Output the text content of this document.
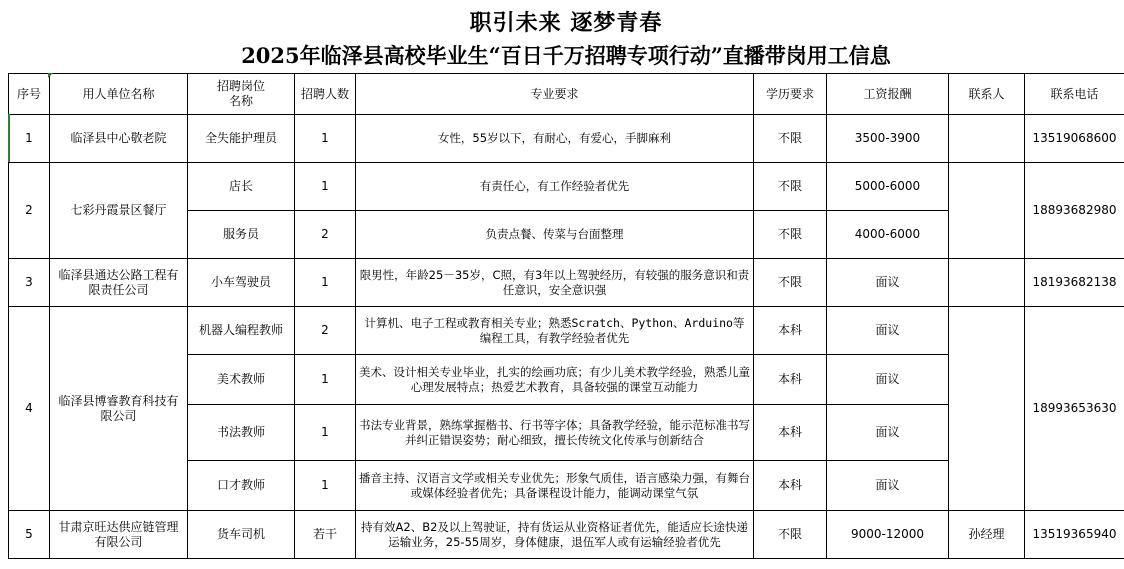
职引未来 逐梦青春
2025年临泽县高校毕业生“百日千万招聘专项行动”直播带岗用工信息
序号	用人单位名称	招聘岗位
名称	招聘人数	专业要求	学历要求	工资报酬	联系人	联系电话
1	临泽县中心敬老院	全失能护理员	1	女性，55岁以下，有耐心，有爱心，手脚麻利	不限	3500-3900		13519068600
2	七彩丹霞景区餐厅	店长	1	有责任心，有工作经验者优先	不限	5000-6000		18893682980
		服务员	2	负责点餐、传菜与台面整理	不限	4000-6000		
3	临泽县通达公路工程有限责任公司	小车驾驶员	1	限男性，年龄25－35岁，C照，有3年以上驾驶经历，有较强的服务意识和责任意识，安全意识强	不限	面议		18193682138
4	临泽县博睿教育科技有限公司	机器人编程教师	2	计算机、电子工程或教育相关专业；熟悉Scratch、Python、Arduino等编程工具，有教学经验者优先	本科	面议		18993653630
		美术教师	1	美术、设计相关专业毕业，扎实的绘画功底；有少儿美术教学经验，熟悉儿童心理发展特点；热爱艺术教育，具备较强的课堂互动能力	本科	面议		
		书法教师	1	书法专业背景，熟练掌握楷书、行书等字体；具备教学经验，能示范标准书写并纠正错误姿势；耐心细致，擅长传统文化传承与创新结合	本科	面议		
		口才教师	1	播音主持、汉语言文学或相关专业优先；形象气质佳，语言感染力强，有舞台或媒体经验者优先；具备课程设计能力，能调动课堂气氛	本科	面议		
5	甘肃京旺达供应链管理有限公司	货车司机	若干	持有效A2、B2及以上驾驶证，持有货运从业资格证者优先，能适应长途快递运输业务，25-55周岁，身体健康，退伍军人或有运输经验者优先	不限	9000-12000	孙经理	13519365940
